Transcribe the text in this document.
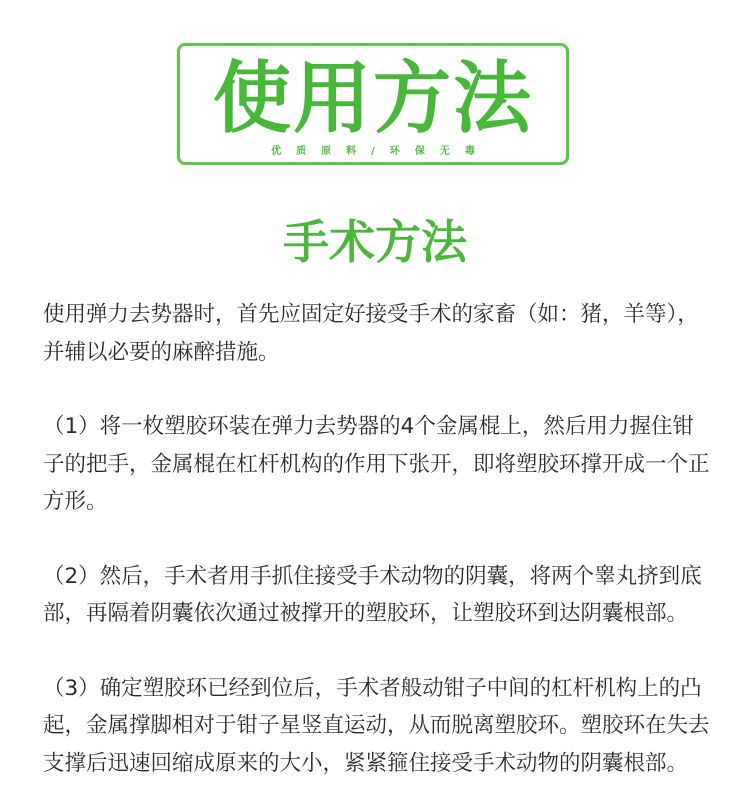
使用方法
优质原料/环保无毒
手术方法

使用弹力去势器时，首先应固定好接受手术的家畜（如：猪，羊等），并辅以必要的麻醉措施。

（1）将一枚塑胶环装在弹力去势器的4个金属棍上，然后用力握住钳子的把手，金属棍在杠杆机构的作用下张开，即将塑胶环撑开成一个正方形。

（2）然后，手术者用手抓住接受手术动物的阴囊，将两个睾丸挤到底部，再隔着阴囊依次通过被撑开的塑胶环，让塑胶环到达阴囊根部。

（3）确定塑胶环已经到位后，手术者般动钳子中间的杠杆机构上的凸起，金属撑脚相对于钳子星竖直运动，从而脱离塑胶环。塑胶环在失去支撑后迅速回缩成原来的大小，紧紧箍住接受手术动物的阴囊根部。
